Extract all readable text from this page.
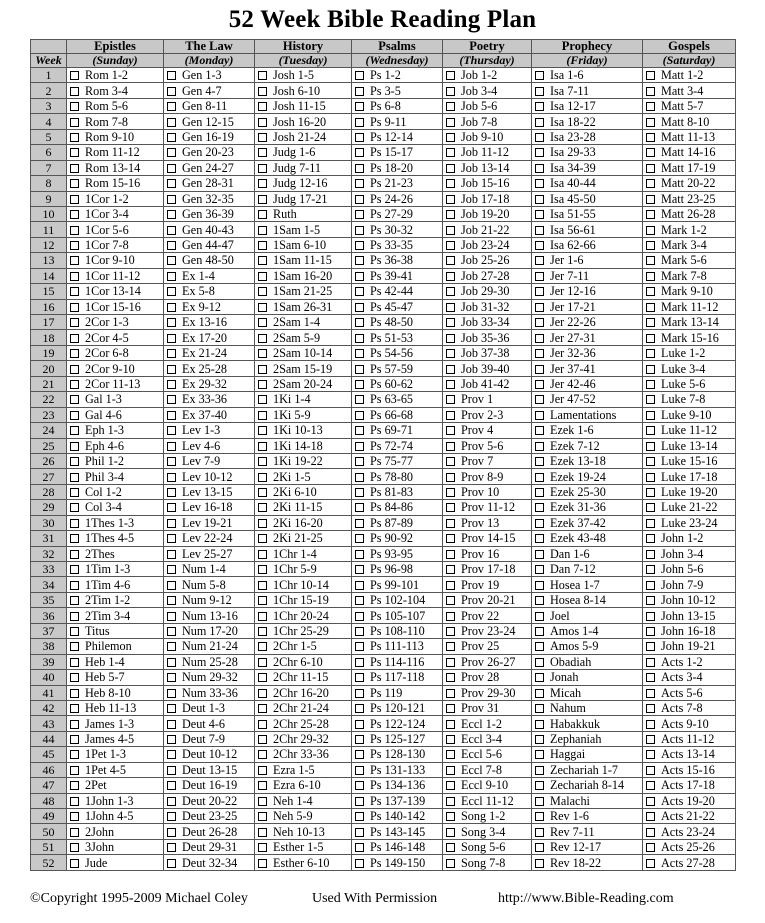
52 Week Bible Reading Plan
	Epistles	The Law	History	Psalms	Poetry	Prophecy	Gospels
Week	(Sunday)	(Monday)	(Tuesday)	(Wednesday)	(Thursday)	(Friday)	(Saturday)
1	Rom 1-2	Gen 1-3	Josh 1-5	Ps 1-2	Job 1-2	Isa 1-6	Matt 1-2
2	Rom 3-4	Gen 4-7	Josh 6-10	Ps 3-5	Job 3-4	Isa 7-11	Matt 3-4
3	Rom 5-6	Gen 8-11	Josh 11-15	Ps 6-8	Job 5-6	Isa 12-17	Matt 5-7
4	Rom 7-8	Gen 12-15	Josh 16-20	Ps 9-11	Job 7-8	Isa 18-22	Matt 8-10
5	Rom 9-10	Gen 16-19	Josh 21-24	Ps 12-14	Job 9-10	Isa 23-28	Matt 11-13
6	Rom 11-12	Gen 20-23	Judg 1-6	Ps 15-17	Job 11-12	Isa 29-33	Matt 14-16
7	Rom 13-14	Gen 24-27	Judg 7-11	Ps 18-20	Job 13-14	Isa 34-39	Matt 17-19
8	Rom 15-16	Gen 28-31	Judg 12-16	Ps 21-23	Job 15-16	Isa 40-44	Matt 20-22
9	1Cor 1-2	Gen 32-35	Judg 17-21	Ps 24-26	Job 17-18	Isa 45-50	Matt 23-25
10	1Cor 3-4	Gen 36-39	Ruth	Ps 27-29	Job 19-20	Isa 51-55	Matt 26-28
11	1Cor 5-6	Gen 40-43	1Sam 1-5	Ps 30-32	Job 21-22	Isa 56-61	Mark 1-2
12	1Cor 7-8	Gen 44-47	1Sam 6-10	Ps 33-35	Job 23-24	Isa 62-66	Mark 3-4
13	1Cor 9-10	Gen 48-50	1Sam 11-15	Ps 36-38	Job 25-26	Jer 1-6	Mark 5-6
14	1Cor 11-12	Ex 1-4	1Sam 16-20	Ps 39-41	Job 27-28	Jer 7-11	Mark 7-8
15	1Cor 13-14	Ex 5-8	1Sam 21-25	Ps 42-44	Job 29-30	Jer 12-16	Mark 9-10
16	1Cor 15-16	Ex 9-12	1Sam 26-31	Ps 45-47	Job 31-32	Jer 17-21	Mark 11-12
17	2Cor 1-3	Ex 13-16	2Sam 1-4	Ps 48-50	Job 33-34	Jer 22-26	Mark 13-14
18	2Cor 4-5	Ex 17-20	2Sam 5-9	Ps 51-53	Job 35-36	Jer 27-31	Mark 15-16
19	2Cor 6-8	Ex 21-24	2Sam 10-14	Ps 54-56	Job 37-38	Jer 32-36	Luke 1-2
20	2Cor 9-10	Ex 25-28	2Sam 15-19	Ps 57-59	Job 39-40	Jer 37-41	Luke 3-4
21	2Cor 11-13	Ex 29-32	2Sam 20-24	Ps 60-62	Job 41-42	Jer 42-46	Luke 5-6
22	Gal 1-3	Ex 33-36	1Ki 1-4	Ps 63-65	Prov 1	Jer 47-52	Luke 7-8
23	Gal 4-6	Ex 37-40	1Ki 5-9	Ps 66-68	Prov 2-3	Lamentations	Luke 9-10
24	Eph 1-3	Lev 1-3	1Ki 10-13	Ps 69-71	Prov 4	Ezek 1-6	Luke 11-12
25	Eph 4-6	Lev 4-6	1Ki 14-18	Ps 72-74	Prov 5-6	Ezek 7-12	Luke 13-14
26	Phil 1-2	Lev 7-9	1Ki 19-22	Ps 75-77	Prov 7	Ezek 13-18	Luke 15-16
27	Phil 3-4	Lev 10-12	2Ki 1-5	Ps 78-80	Prov 8-9	Ezek 19-24	Luke 17-18
28	Col 1-2	Lev 13-15	2Ki 6-10	Ps 81-83	Prov 10	Ezek 25-30	Luke 19-20
29	Col 3-4	Lev 16-18	2Ki 11-15	Ps 84-86	Prov 11-12	Ezek 31-36	Luke 21-22
30	1Thes 1-3	Lev 19-21	2Ki 16-20	Ps 87-89	Prov 13	Ezek 37-42	Luke 23-24
31	1Thes 4-5	Lev 22-24	2Ki 21-25	Ps 90-92	Prov 14-15	Ezek 43-48	John 1-2
32	2Thes	Lev 25-27	1Chr 1-4	Ps 93-95	Prov 16	Dan 1-6	John 3-4
33	1Tim 1-3	Num 1-4	1Chr 5-9	Ps 96-98	Prov 17-18	Dan 7-12	John 5-6
34	1Tim 4-6	Num 5-8	1Chr 10-14	Ps 99-101	Prov 19	Hosea 1-7	John 7-9
35	2Tim 1-2	Num 9-12	1Chr 15-19	Ps 102-104	Prov 20-21	Hosea 8-14	John 10-12
36	2Tim 3-4	Num 13-16	1Chr 20-24	Ps 105-107	Prov 22	Joel	John 13-15
37	Titus	Num 17-20	1Chr 25-29	Ps 108-110	Prov 23-24	Amos 1-4	John 16-18
38	Philemon	Num 21-24	2Chr 1-5	Ps 111-113	Prov 25	Amos 5-9	John 19-21
39	Heb 1-4	Num 25-28	2Chr 6-10	Ps 114-116	Prov 26-27	Obadiah	Acts 1-2
40	Heb 5-7	Num 29-32	2Chr 11-15	Ps 117-118	Prov 28	Jonah	Acts 3-4
41	Heb 8-10	Num 33-36	2Chr 16-20	Ps 119	Prov 29-30	Micah	Acts 5-6
42	Heb 11-13	Deut 1-3	2Chr 21-24	Ps 120-121	Prov 31	Nahum	Acts 7-8
43	James 1-3	Deut 4-6	2Chr 25-28	Ps 122-124	Eccl 1-2	Habakkuk	Acts 9-10
44	James 4-5	Deut 7-9	2Chr 29-32	Ps 125-127	Eccl 3-4	Zephaniah	Acts 11-12
45	1Pet 1-3	Deut 10-12	2Chr 33-36	Ps 128-130	Eccl 5-6	Haggai	Acts 13-14
46	1Pet 4-5	Deut 13-15	Ezra 1-5	Ps 131-133	Eccl 7-8	Zechariah 1-7	Acts 15-16
47	2Pet	Deut 16-19	Ezra 6-10	Ps 134-136	Eccl 9-10	Zechariah 8-14	Acts 17-18
48	1John 1-3	Deut 20-22	Neh 1-4	Ps 137-139	Eccl 11-12	Malachi	Acts 19-20
49	1John 4-5	Deut 23-25	Neh 5-9	Ps 140-142	Song 1-2	Rev 1-6	Acts 21-22
50	2John	Deut 26-28	Neh 10-13	Ps 143-145	Song 3-4	Rev 7-11	Acts 23-24
51	3John	Deut 29-31	Esther 1-5	Ps 146-148	Song 5-6	Rev 12-17	Acts 25-26
52	Jude	Deut 32-34	Esther 6-10	Ps 149-150	Song 7-8	Rev 18-22	Acts 27-28
©Copyright 1995-2009 Michael Coley	Used With Permission	http://www.Bible-Reading.com
